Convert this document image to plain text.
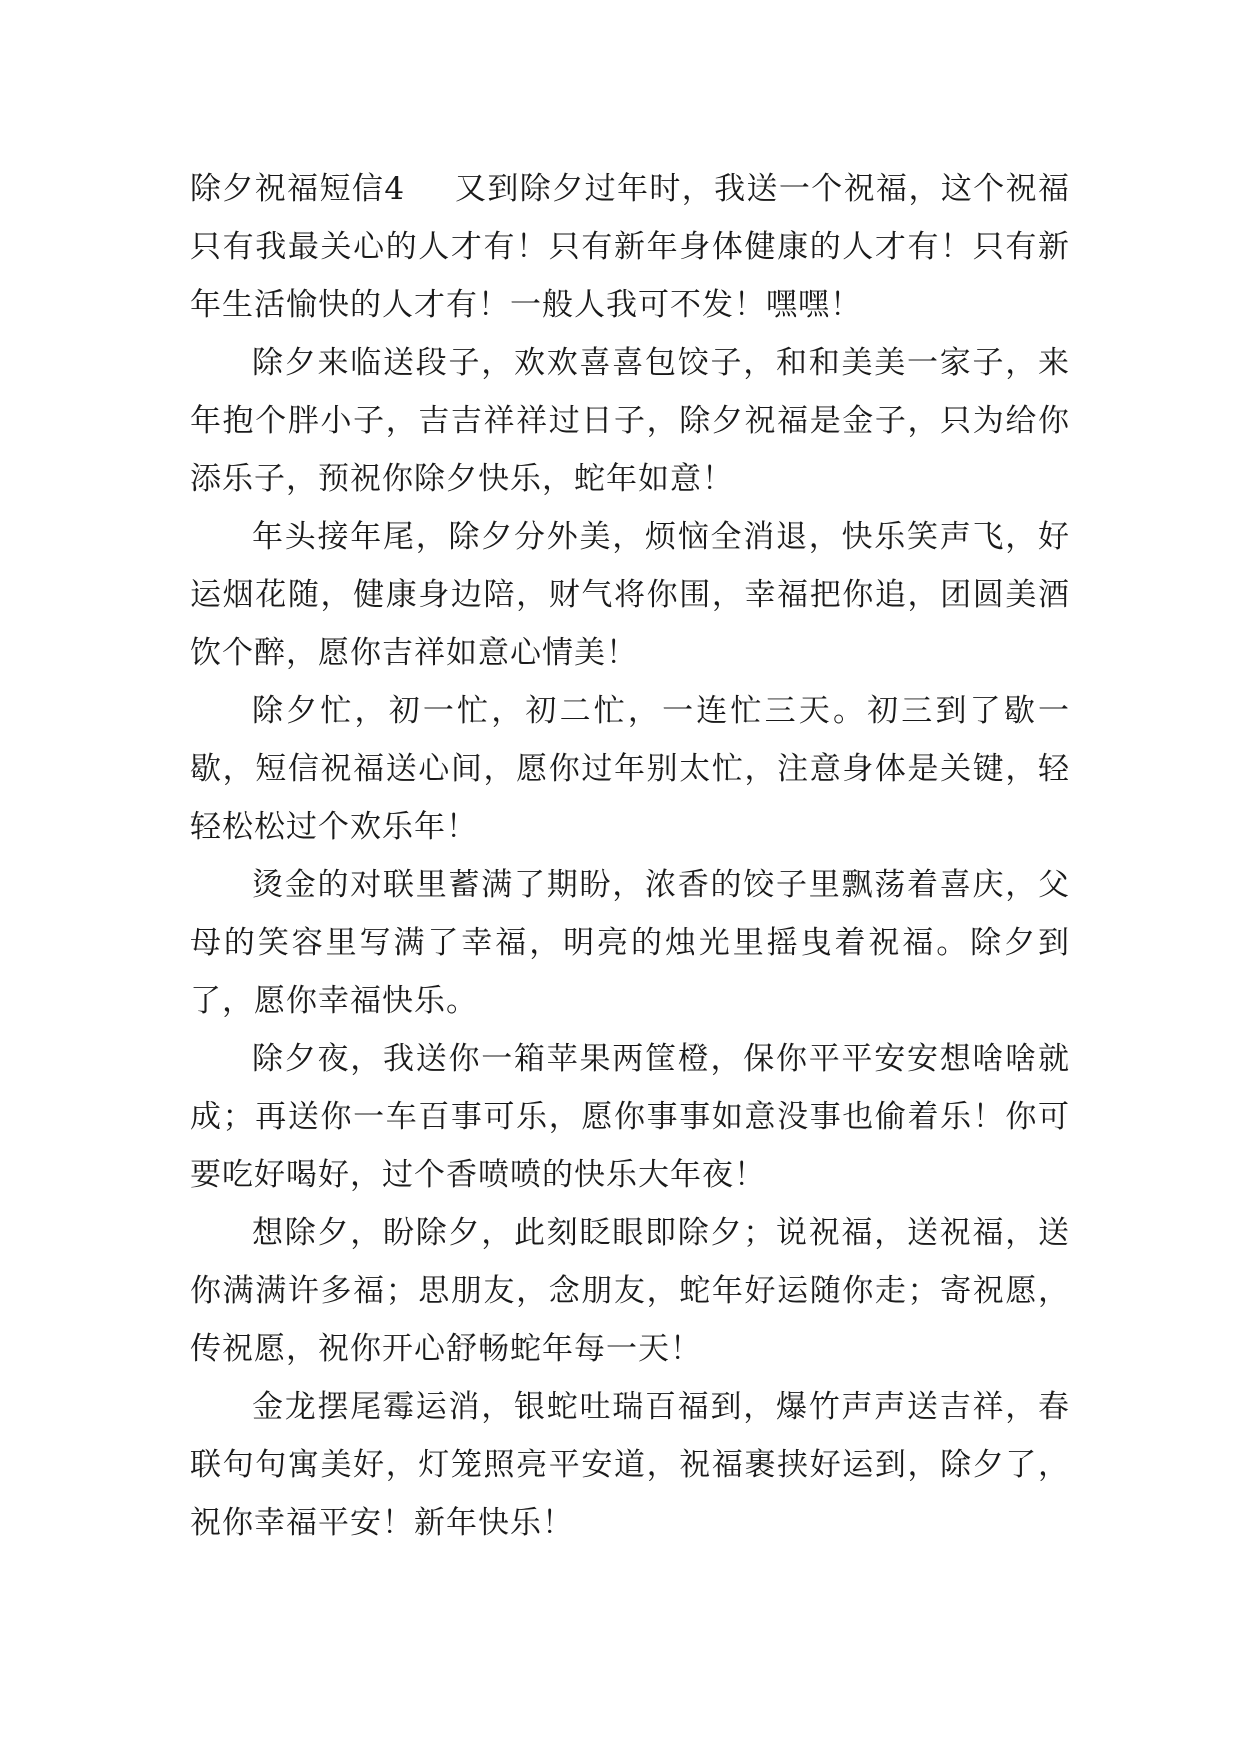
除夕祝福短信4 又到除夕过年时，我送一个祝福，这个祝福只有我最关心的人才有！只有新年身体健康的人才有！只有新年生活愉快的人才有！一般人我可不发！嘿嘿！

除夕来临送段子，欢欢喜喜包饺子，和和美美一家子，来年抱个胖小子，吉吉祥祥过日子，除夕祝福是金子，只为给你添乐子，预祝你除夕快乐，蛇年如意！

年头接年尾，除夕分外美，烦恼全消退，快乐笑声飞，好运烟花随，健康身边陪，财气将你围，幸福把你追，团圆美酒饮个醉，愿你吉祥如意心情美！

除夕忙，初一忙，初二忙，一连忙三天。初三到了歇一歇，短信祝福送心间，愿你过年别太忙，注意身体是关键，轻轻松松过个欢乐年！

烫金的对联里蓄满了期盼，浓香的饺子里飘荡着喜庆，父母的笑容里写满了幸福，明亮的烛光里摇曳着祝福。除夕到了，愿你幸福快乐。

除夕夜，我送你一箱苹果两筐橙，保你平平安安想啥啥就成；再送你一车百事可乐，愿你事事如意没事也偷着乐！你可要吃好喝好，过个香喷喷的快乐大年夜！

想除夕，盼除夕，此刻眨眼即除夕；说祝福，送祝福，送你满满许多福；思朋友，念朋友，蛇年好运随你走；寄祝愿，传祝愿，祝你开心舒畅蛇年每一天！

金龙摆尾霉运消，银蛇吐瑞百福到，爆竹声声送吉祥，春联句句寓美好，灯笼照亮平安道，祝福裹挟好运到，除夕了，祝你幸福平安！新年快乐！
